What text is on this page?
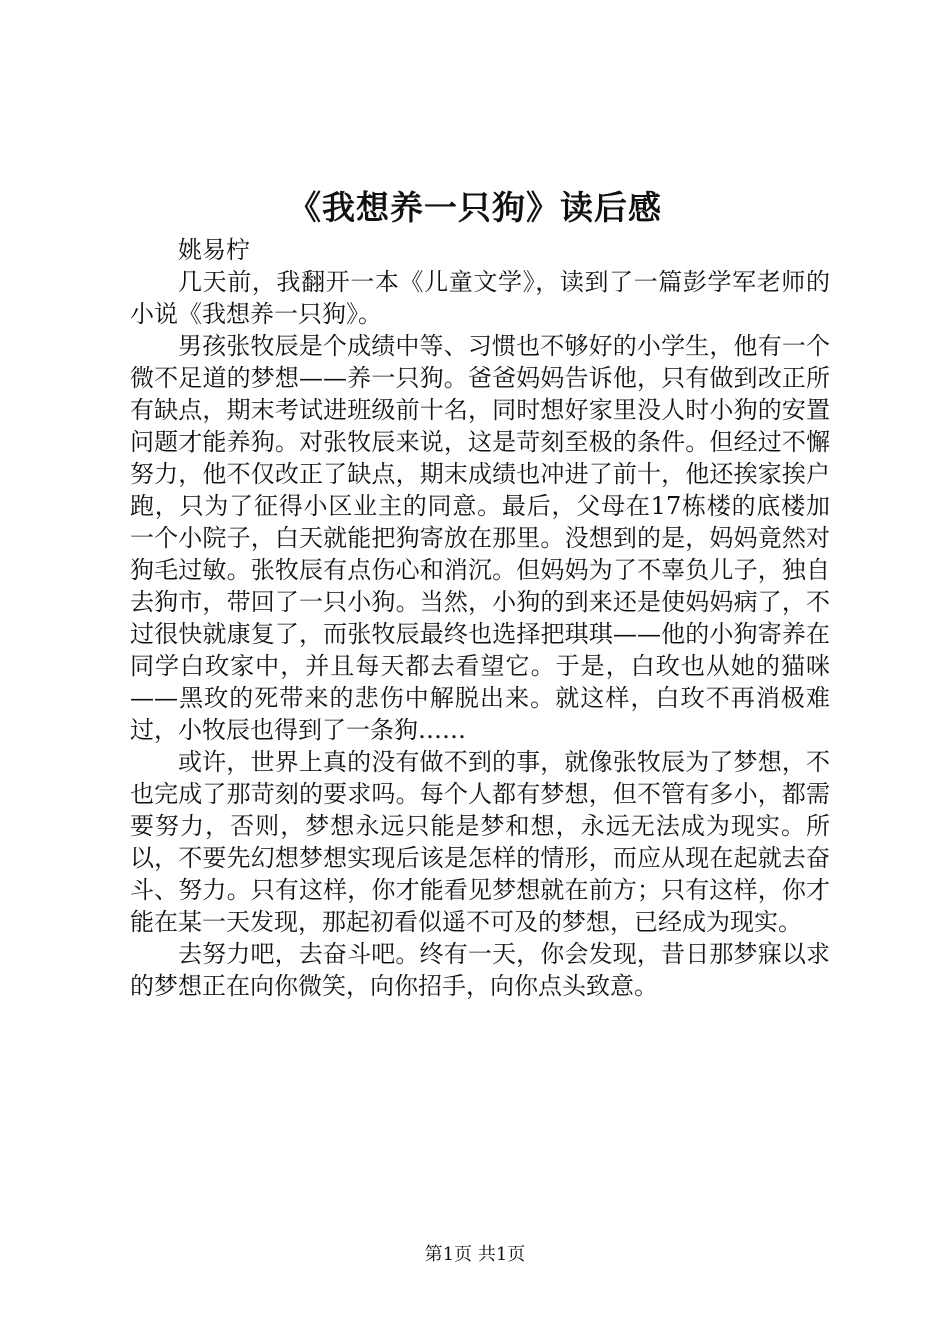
《我想养一只狗》读后感

姚易柠

几天前，我翻开一本《儿童文学》，读到了一篇彭学军老师的小说《我想养一只狗》。

男孩张牧辰是个成绩中等、习惯也不够好的小学生，他有一个微不足道的梦想——养一只狗。爸爸妈妈告诉他，只有做到改正所有缺点，期末考试进班级前十名，同时想好家里没人时小狗的安置问题才能养狗。对张牧辰来说，这是苛刻至极的条件。但经过不懈努力，他不仅改正了缺点，期末成绩也冲进了前十，他还挨家挨户跑，只为了征得小区业主的同意。最后，父母在17栋楼的底楼加一个小院子，白天就能把狗寄放在那里。没想到的是，妈妈竟然对狗毛过敏。张牧辰有点伤心和消沉。但妈妈为了不辜负儿子，独自去狗市，带回了一只小狗。当然，小狗的到来还是使妈妈病了，不过很快就康复了，而张牧辰最终也选择把琪琪——他的小狗寄养在同学白玫家中，并且每天都去看望它。于是，白玫也从她的猫咪——黑玫的死带来的悲伤中解脱出来。就这样，白玫不再消极难过，小牧辰也得到了一条狗……

或许，世界上真的没有做不到的事，就像张牧辰为了梦想，不也完成了那苛刻的要求吗。每个人都有梦想，但不管有多小，都需要努力，否则，梦想永远只能是梦和想，永远无法成为现实。所以，不要先幻想梦想实现后该是怎样的情形，而应从现在起就去奋斗、努力。只有这样，你才能看见梦想就在前方；只有这样，你才能在某一天发现，那起初看似遥不可及的梦想，已经成为现实。

去努力吧，去奋斗吧。终有一天，你会发现，昔日那梦寐以求的梦想正在向你微笑，向你招手，向你点头致意。

第1页 共1页
